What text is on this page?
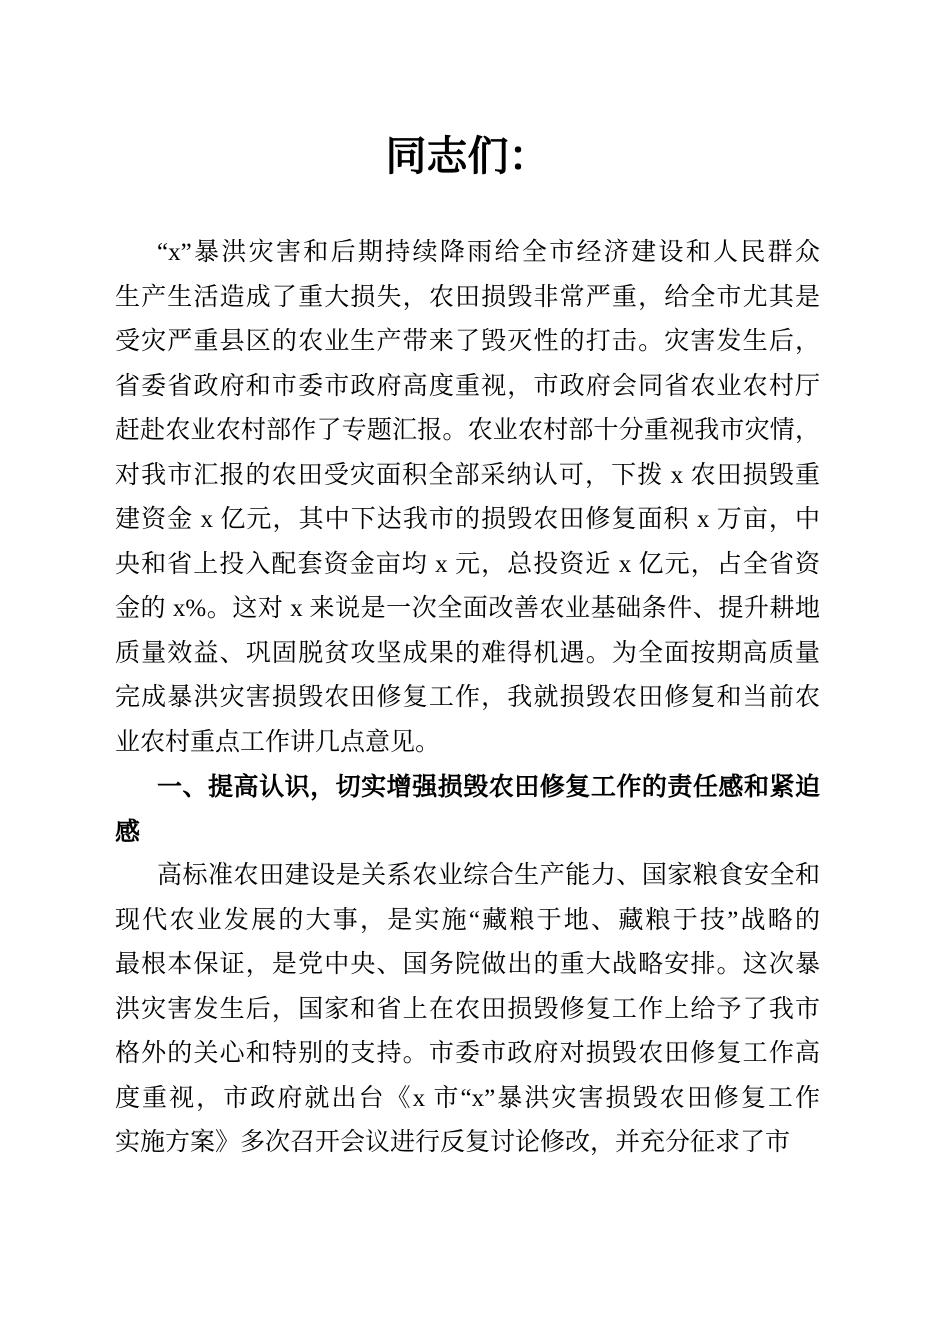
同志们：
“x”暴洪灾害和后期持续降雨给全市经济建设和人民群众
生产生活造成了重大损失，农田损毁非常严重，给全市尤其是
受灾严重县区的农业生产带来了毁灭性的打击。灾害发生后，
省委省政府和市委市政府高度重视，市政府会同省农业农村厅
赶赴农业农村部作了专题汇报。农业农村部十分重视我市灾情，
对我市汇报的农田受灾面积全部采纳认可，下拨 x 农田损毁重
建资金 x 亿元，其中下达我市的损毁农田修复面积 x 万亩，中
央和省上投入配套资金亩均 x 元，总投资近 x 亿元，占全省资
金的 x%。这对 x 来说是一次全面改善农业基础条件、提升耕地
质量效益、巩固脱贫攻坚成果的难得机遇。为全面按期高质量
完成暴洪灾害损毁农田修复工作，我就损毁农田修复和当前农
业农村重点工作讲几点意见。
一、提高认识，切实增强损毁农田修复工作的责任感和紧迫
感
高标准农田建设是关系农业综合生产能力、国家粮食安全和
现代农业发展的大事，是实施“藏粮于地、藏粮于技”战略的
最根本保证，是党中央、国务院做出的重大战略安排。这次暴
洪灾害发生后，国家和省上在农田损毁修复工作上给予了我市
格外的关心和特别的支持。市委市政府对损毁农田修复工作高
度重视，市政府就出台《x 市“x”暴洪灾害损毁农田修复工作
实施方案》多次召开会议进行反复讨论修改，并充分征求了市
